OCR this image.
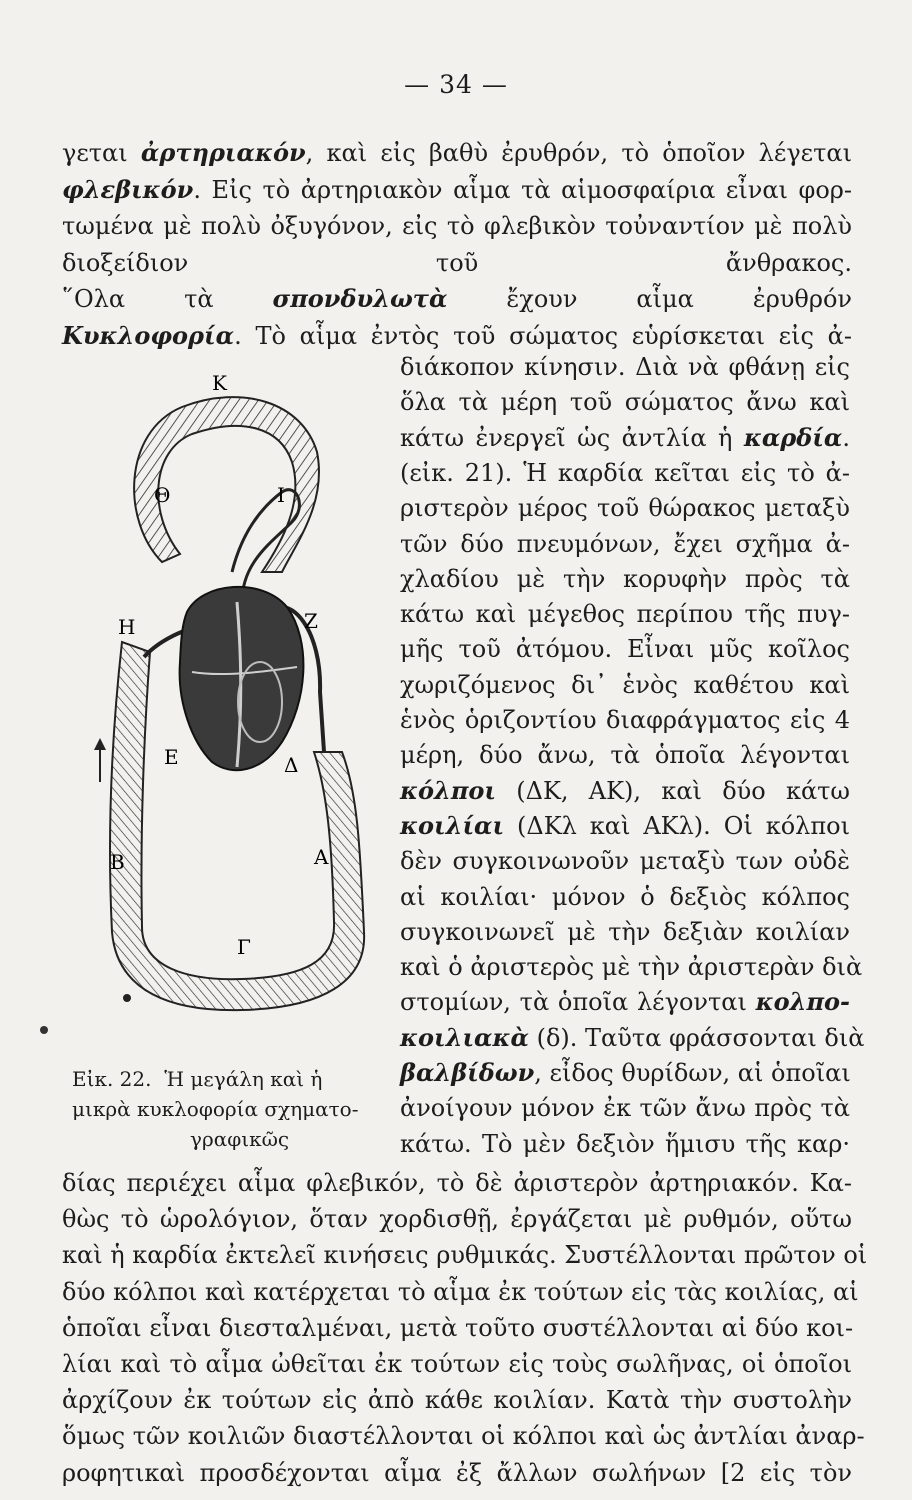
— 34 —
γεται ἀρτηριακόν, καὶ εἰς βαθὺ ἐρυθρόν, τὸ ὁποῖον λέγεται
φλεβικόν. Εἰς τὸ ἀρτηριακὸν αἷμα τὰ αἱμοσφαίρια εἶναι φορ-
τωμένα μὲ πολὺ ὀξυγόνον, εἰς τὸ φλεβικὸν τοὐναντίον μὲ πολὺ
διοξείδιον τοῦ ἄνθρακος.
῞Ολα τὰ σπονδυλωτὰ ἔχουν αἷμα ἐρυθρόν
Κυκλοφορία. Τὸ αἷμα ἐντὸς τοῦ σώματος εὑρίσκεται εἰς ἀ-
διάκοπον κίνησιν. Διὰ νὰ φθάνῃ εἰς
ὅλα τὰ μέρη τοῦ σώματος ἄνω καὶ
κάτω ἐνεργεῖ ὡς ἀντλία ἡ καρδία.
(εἰκ. 21). Ἡ καρδία κεῖται εἰς τὸ ἀ-
ριστερὸν μέρος τοῦ θώρακος μεταξὺ
τῶν δύο πνευμόνων, ἔχει σχῆμα ἀ-
χλαδίου μὲ τὴν κορυφὴν πρὸς τὰ
κάτω καὶ μέγεθος περίπου τῆς πυγ-
μῆς τοῦ ἀτόμου. Εἶναι μῦς κοῖλος
χωριζόμενος δι᾽ ἑνὸς καθέτου καὶ
ἑνὸς ὁριζοντίου διαφράγματος εἰς 4
μέρη, δύο ἄνω, τὰ ὁποῖα λέγονται
κόλποι (ΔΚ, ΑΚ), καὶ δύο κάτω
κοιλίαι (ΔΚλ καὶ ΑΚλ). Οἱ κόλποι
δὲν συγκοινωνοῦν μεταξὺ των οὐδὲ
αἱ κοιλίαι· μόνον ὁ δεξιὸς κόλπος
συγκοινωνεῖ μὲ τὴν δεξιὰν κοιλίαν
καὶ ὁ ἀριστερὸς μὲ τὴν ἀριστερὰν διὰ
στομίων, τὰ ὁποῖα λέγονται κολπο-
κοιλιακὰ (δ). Ταῦτα φράσσονται διὰ
βαλβίδων, εἶδος θυρίδων, αἱ ὁποῖαι
ἀνοίγουν μόνον ἐκ τῶν ἄνω πρὸς τὰ
κάτω. Τὸ μὲν δεξιὸν ἥμισυ τῆς καρ·
δίας περιέχει αἷμα φλεβικόν, τὸ δὲ ἀριστερὸν ἀρτηριακόν. Κα-
θὼς τὸ ὡρολόγιον, ὅταν χορδισθῇ, ἐργάζεται μὲ ρυθμόν, οὕτω
καὶ ἡ καρδία ἐκτελεῖ κινήσεις ρυθμικάς. Συστέλλονται πρῶτον οἱ
δύο κόλποι καὶ κατέρχεται τὸ αἷμα ἐκ τούτων εἰς τὰς κοιλίας, αἱ
ὁποῖαι εἶναι διεσταλμέναι, μετὰ τοῦτο συστέλλονται αἱ δύο κοι-
λίαι καὶ τὸ αἷμα ὠθεῖται ἐκ τούτων εἰς τοὺς σωλῆνας, οἱ ὁποῖοι
ἀρχίζουν ἐκ τούτων εἰς ἀπὸ κάθε κοιλίαν. Κατὰ τὴν συστολὴν
ὅμως τῶν κοιλιῶν διαστέλλονται οἱ κόλποι καὶ ὡς ἀντλίαι ἀναρ-
ροφητικαὶ προσδέχονται αἷμα ἐξ ἄλλων σωλήνων [2 εἰς τὸν
Κ
Θ	Ι
Ζ
Η
Ε	Δ
Β	Α
Γ
Εἰκ. 22. Ἡ μεγάλη καὶ ἡ
μικρὰ κυκλοφορία σχηματο-
γραφικῶς
